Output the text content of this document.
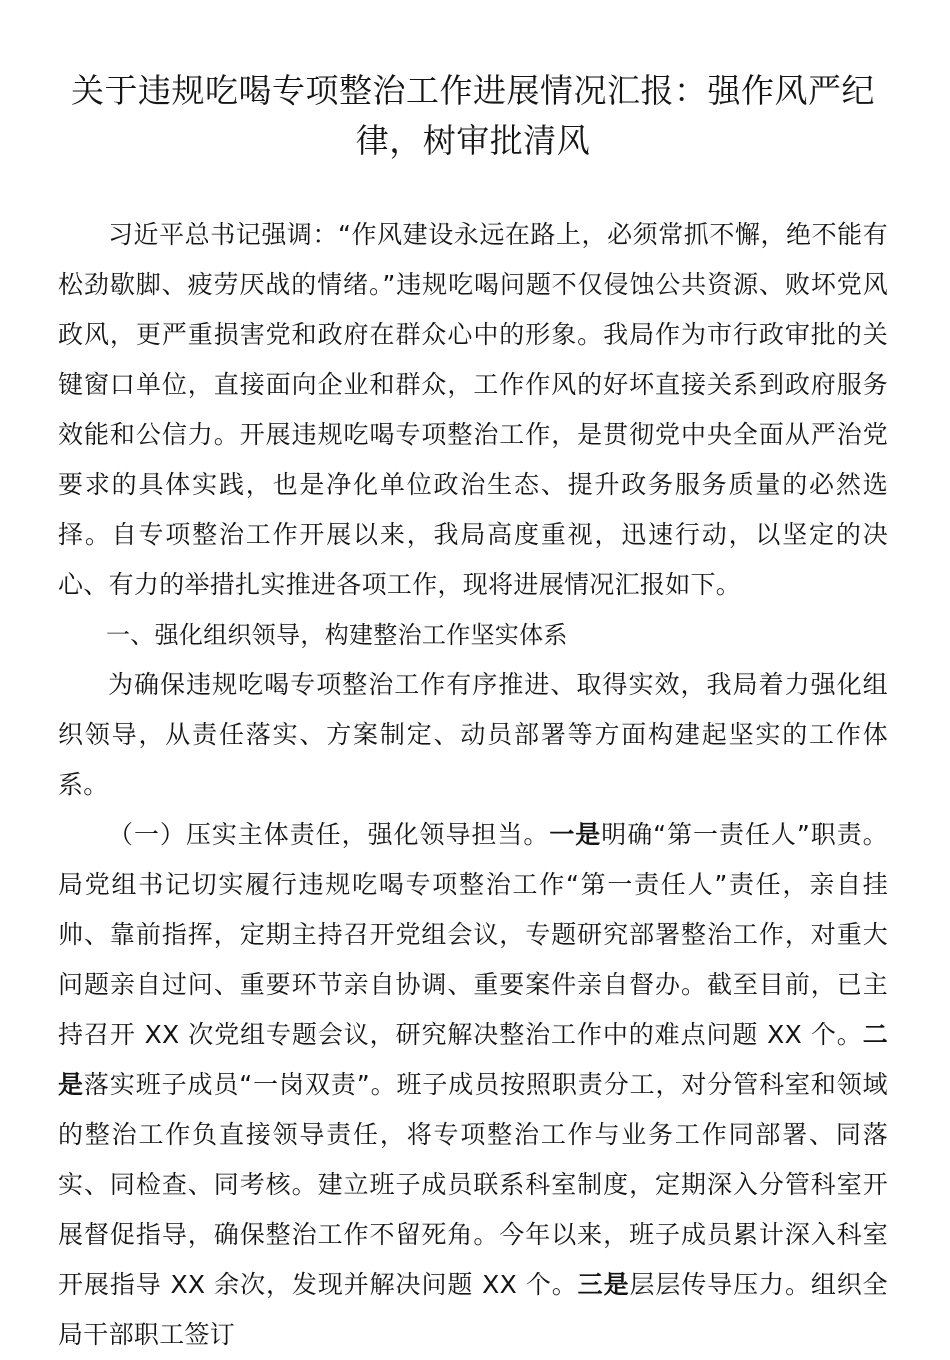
关于违规吃喝专项整治工作进展情况汇报：强作风严纪律，树审批清风

习近平总书记强调：“作风建设永远在路上，必须常抓不懈，绝不能有松劲歇脚、疲劳厌战的情绪。”违规吃喝问题不仅侵蚀公共资源、败坏党风政风，更严重损害党和政府在群众心中的形象。我局作为市行政审批的关键窗口单位，直接面向企业和群众，工作作风的好坏直接关系到政府服务效能和公信力。开展违规吃喝专项整治工作，是贯彻党中央全面从严治党要求的具体实践，也是净化单位政治生态、提升政务服务质量的必然选择。自专项整治工作开展以来，我局高度重视，迅速行动，以坚定的决心、有力的举措扎实推进各项工作，现将进展情况汇报如下。

一、强化组织领导，构建整治工作坚实体系

为确保违规吃喝专项整治工作有序推进、取得实效，我局着力强化组织领导，从责任落实、方案制定、动员部署等方面构建起坚实的工作体系。

（一）压实主体责任，强化领导担当。一是明确“第一责任人”职责。局党组书记切实履行违规吃喝专项整治工作“第一责任人”责任，亲自挂帅、靠前指挥，定期主持召开党组会议，专题研究部署整治工作，对重大问题亲自过问、重要环节亲自协调、重要案件亲自督办。截至目前，已主持召开 XX 次党组专题会议，研究解决整治工作中的难点问题 XX 个。二是落实班子成员“一岗双责”。班子成员按照职责分工，对分管科室和领域的整治工作负直接领导责任，将专项整治工作与业务工作同部署、同落实、同检查、同考核。建立班子成员联系科室制度，定期深入分管科室开展督促指导，确保整治工作不留死角。今年以来，班子成员累计深入科室开展指导 XX 余次，发现并解决问题 XX 个。三是层层传导压力。组织全局干部职工签订
